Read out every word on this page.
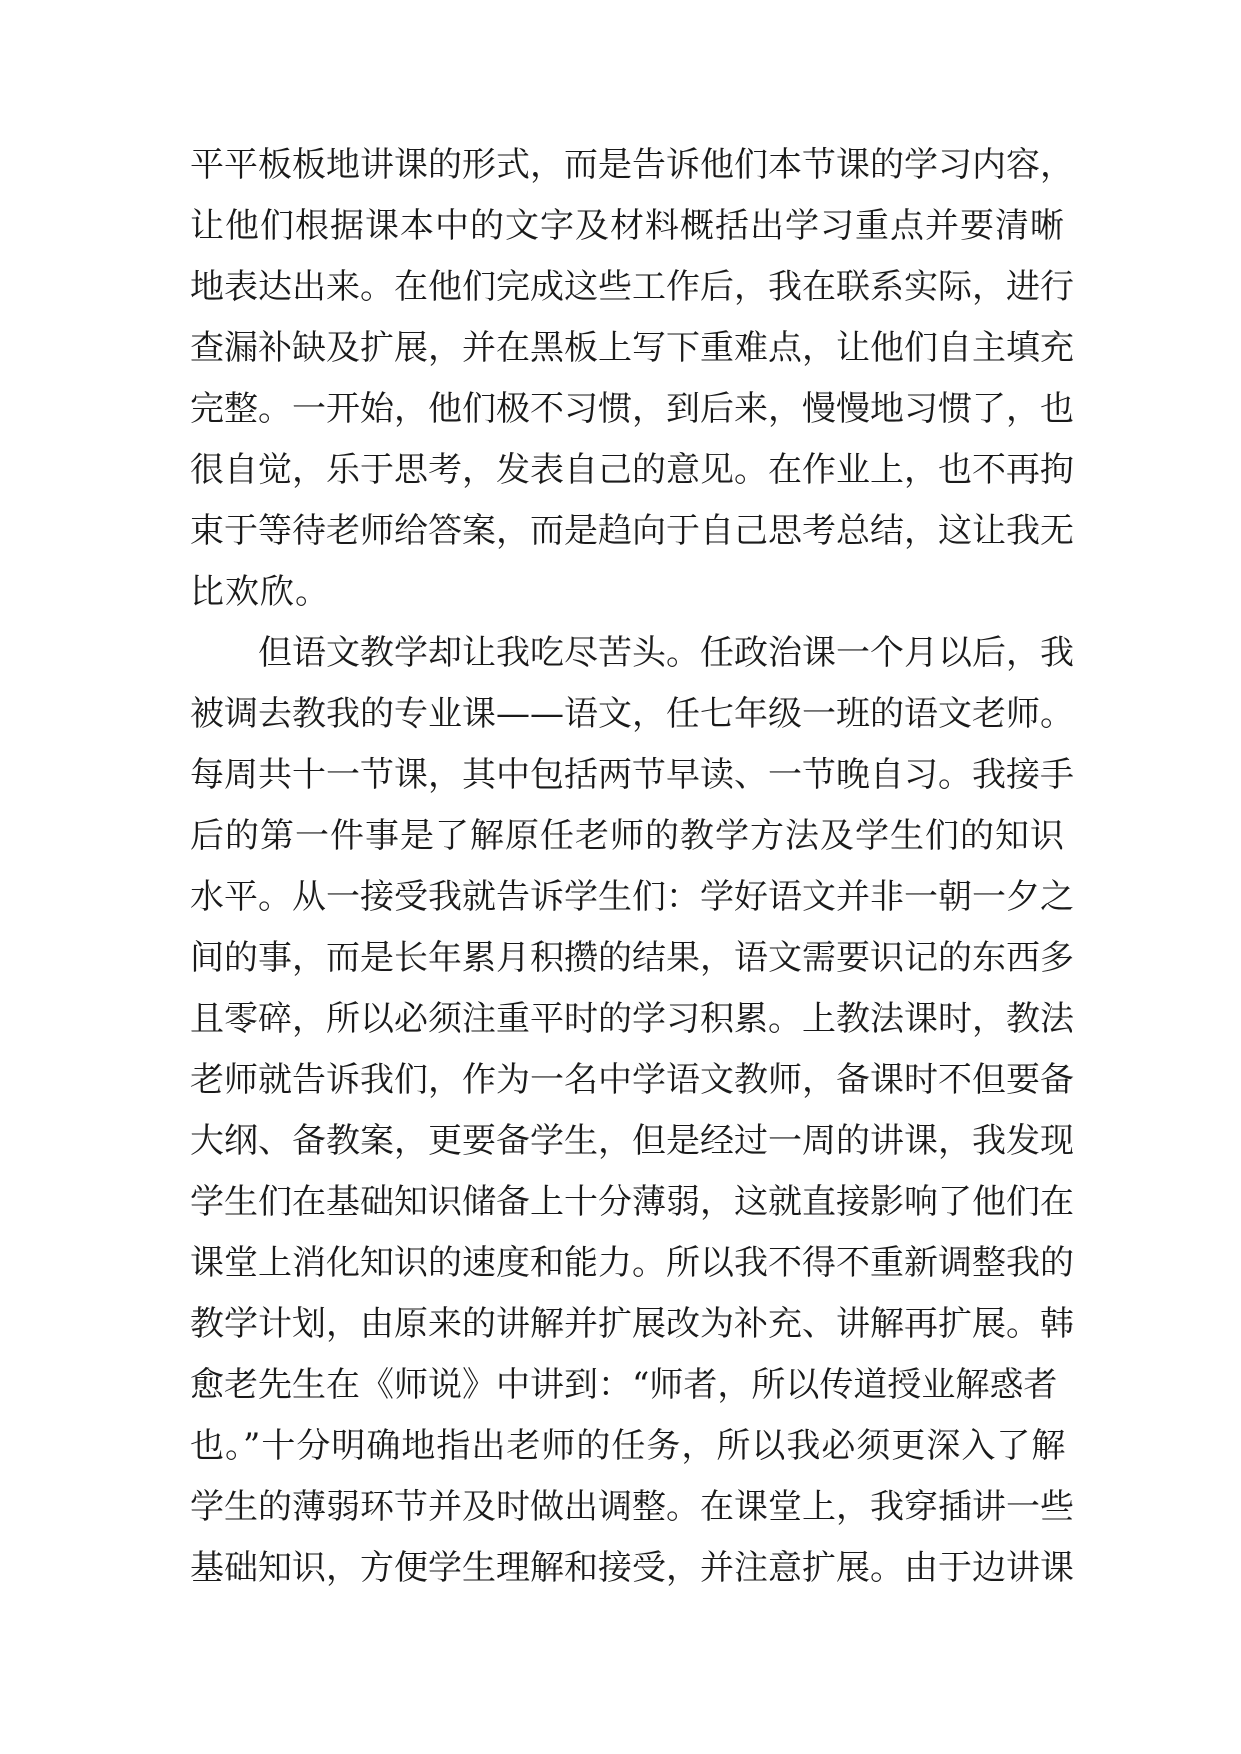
平平板板地讲课的形式，而是告诉他们本节课的学习内容，
让他们根据课本中的文字及材料概括出学习重点并要清晰
地表达出来。在他们完成这些工作后，我在联系实际，进行
查漏补缺及扩展，并在黑板上写下重难点，让他们自主填充
完整。一开始，他们极不习惯，到后来，慢慢地习惯了，也
很自觉，乐于思考，发表自己的意见。在作业上，也不再拘
束于等待老师给答案，而是趋向于自己思考总结，这让我无
比欢欣。
　　但语文教学却让我吃尽苦头。任政治课一个月以后，我
被调去教我的专业课——语文，任七年级一班的语文老师。
每周共十一节课，其中包括两节早读、一节晚自习。我接手
后的第一件事是了解原任老师的教学方法及学生们的知识
水平。从一接受我就告诉学生们：学好语文并非一朝一夕之
间的事，而是长年累月积攒的结果，语文需要识记的东西多
且零碎，所以必须注重平时的学习积累。上教法课时，教法
老师就告诉我们，作为一名中学语文教师，备课时不但要备
大纲、备教案，更要备学生，但是经过一周的讲课，我发现
学生们在基础知识储备上十分薄弱，这就直接影响了他们在
课堂上消化知识的速度和能力。所以我不得不重新调整我的
教学计划，由原来的讲解并扩展改为补充、讲解再扩展。韩
愈老先生在《师说》中讲到：“师者，所以传道授业解惑者
也。”十分明确地指出老师的任务，所以我必须更深入了解
学生的薄弱环节并及时做出调整。在课堂上，我穿插讲一些
基础知识，方便学生理解和接受，并注意扩展。由于边讲课
